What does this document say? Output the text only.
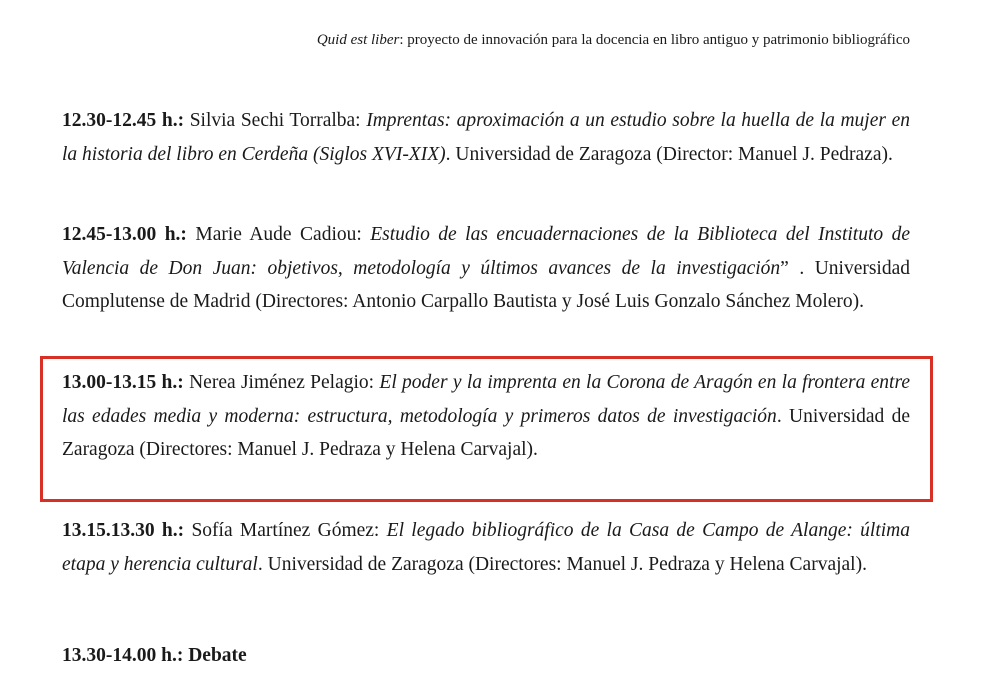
Quid est liber: proyecto de innovación para la docencia en libro antiguo y patrimonio bibliográfico

12.30-12.45 h.: Silvia Sechi Torralba: Imprentas: aproximación a un estudio sobre la huella de la mujer en la historia del libro en Cerdeña (Siglos XVI-XIX). Universidad de Zaragoza (Director: Manuel J. Pedraza).

12.45-13.00 h.: Marie Aude Cadiou: Estudio de las encuadernaciones de la Biblioteca del Instituto de Valencia de Don Juan: objetivos, metodología y últimos avances de la investigación” . Universidad Complutense de Madrid (Directores: Antonio Carpallo Bautista y José Luis Gonzalo Sánchez Molero).

13.00-13.15 h.: Nerea Jiménez Pelagio: El poder y la imprenta en la Corona de Aragón en la frontera entre las edades media y moderna: estructura, metodología y primeros datos de investigación. Universidad de Zaragoza (Directores: Manuel J. Pedraza y Helena Carvajal).

13.15.13.30 h.: Sofía Martínez Gómez: El legado bibliográfico de la Casa de Campo de Alange: última etapa y herencia cultural. Universidad de Zaragoza (Directores: Manuel J. Pedraza y Helena Carvajal).

13.30-14.00 h.: Debate
